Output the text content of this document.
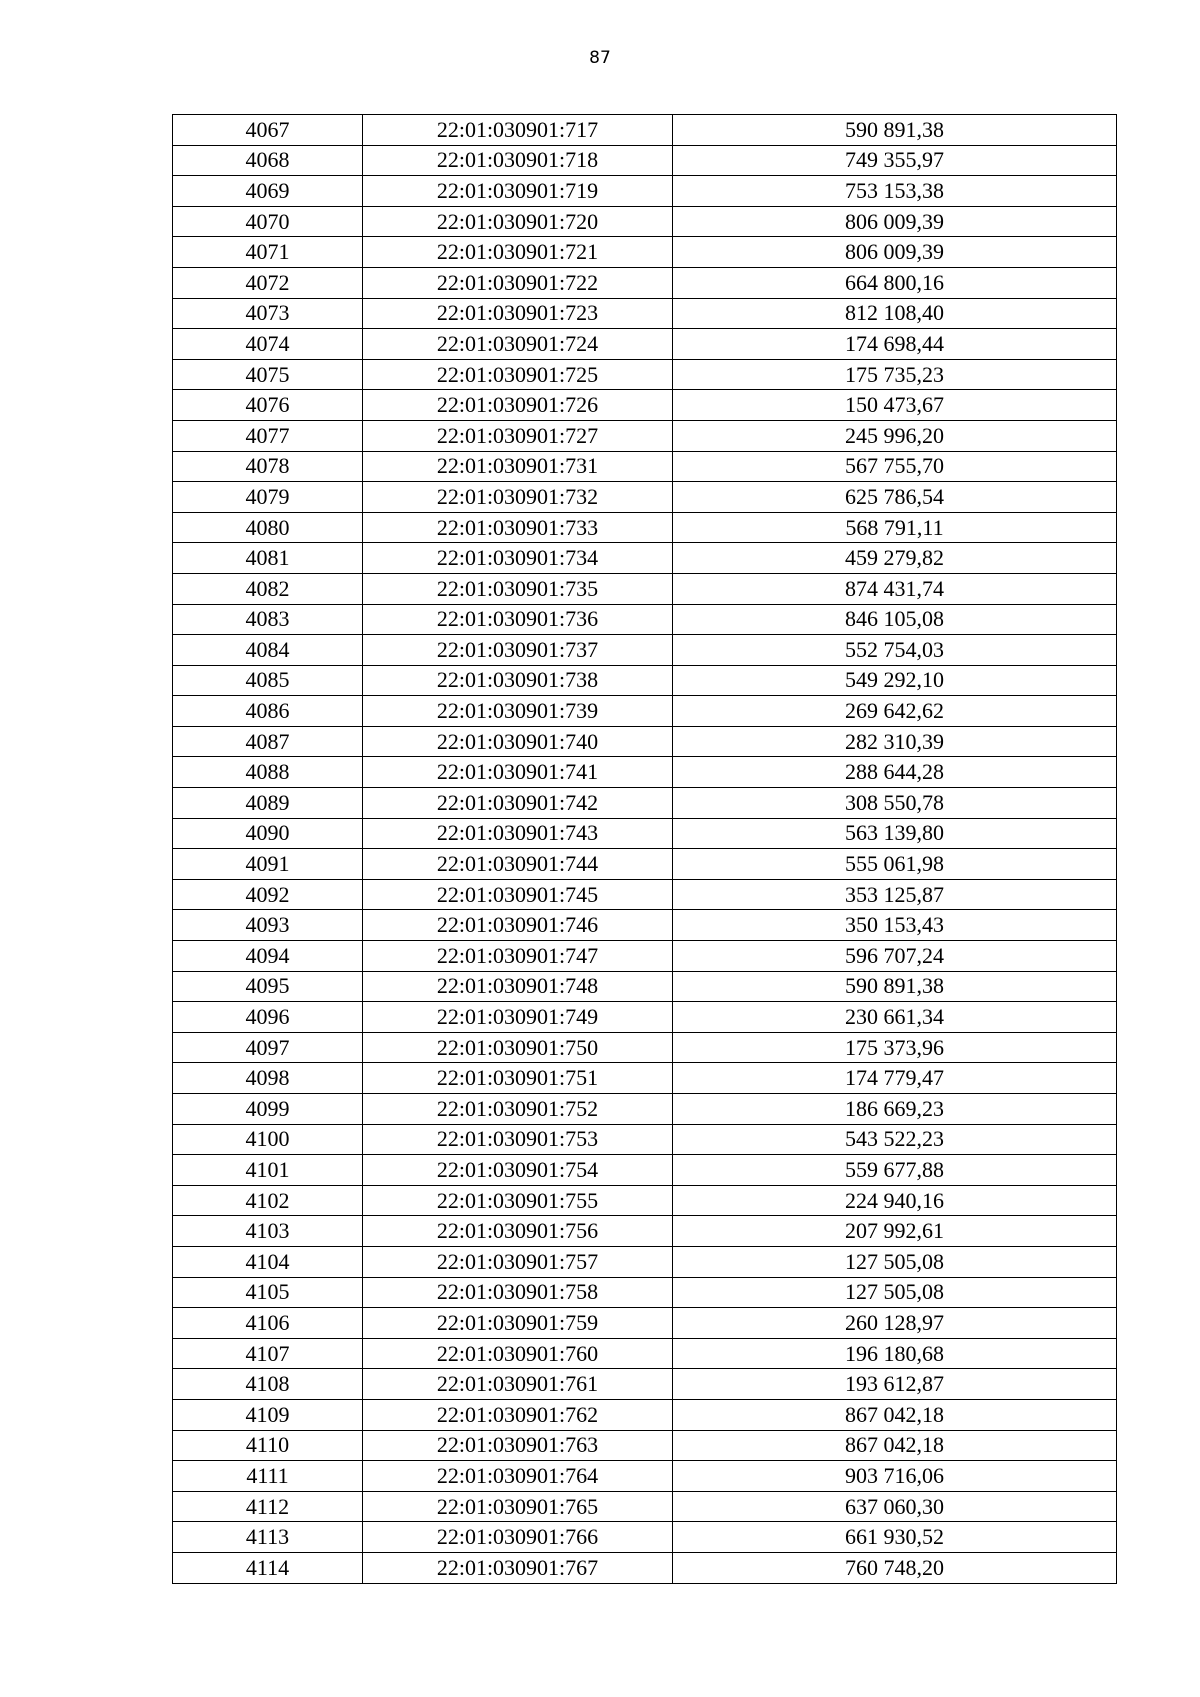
87
4067	22:01:030901:717	590 891,38
4068	22:01:030901:718	749 355,97
4069	22:01:030901:719	753 153,38
4070	22:01:030901:720	806 009,39
4071	22:01:030901:721	806 009,39
4072	22:01:030901:722	664 800,16
4073	22:01:030901:723	812 108,40
4074	22:01:030901:724	174 698,44
4075	22:01:030901:725	175 735,23
4076	22:01:030901:726	150 473,67
4077	22:01:030901:727	245 996,20
4078	22:01:030901:731	567 755,70
4079	22:01:030901:732	625 786,54
4080	22:01:030901:733	568 791,11
4081	22:01:030901:734	459 279,82
4082	22:01:030901:735	874 431,74
4083	22:01:030901:736	846 105,08
4084	22:01:030901:737	552 754,03
4085	22:01:030901:738	549 292,10
4086	22:01:030901:739	269 642,62
4087	22:01:030901:740	282 310,39
4088	22:01:030901:741	288 644,28
4089	22:01:030901:742	308 550,78
4090	22:01:030901:743	563 139,80
4091	22:01:030901:744	555 061,98
4092	22:01:030901:745	353 125,87
4093	22:01:030901:746	350 153,43
4094	22:01:030901:747	596 707,24
4095	22:01:030901:748	590 891,38
4096	22:01:030901:749	230 661,34
4097	22:01:030901:750	175 373,96
4098	22:01:030901:751	174 779,47
4099	22:01:030901:752	186 669,23
4100	22:01:030901:753	543 522,23
4101	22:01:030901:754	559 677,88
4102	22:01:030901:755	224 940,16
4103	22:01:030901:756	207 992,61
4104	22:01:030901:757	127 505,08
4105	22:01:030901:758	127 505,08
4106	22:01:030901:759	260 128,97
4107	22:01:030901:760	196 180,68
4108	22:01:030901:761	193 612,87
4109	22:01:030901:762	867 042,18
4110	22:01:030901:763	867 042,18
4111	22:01:030901:764	903 716,06
4112	22:01:030901:765	637 060,30
4113	22:01:030901:766	661 930,52
4114	22:01:030901:767	760 748,20
